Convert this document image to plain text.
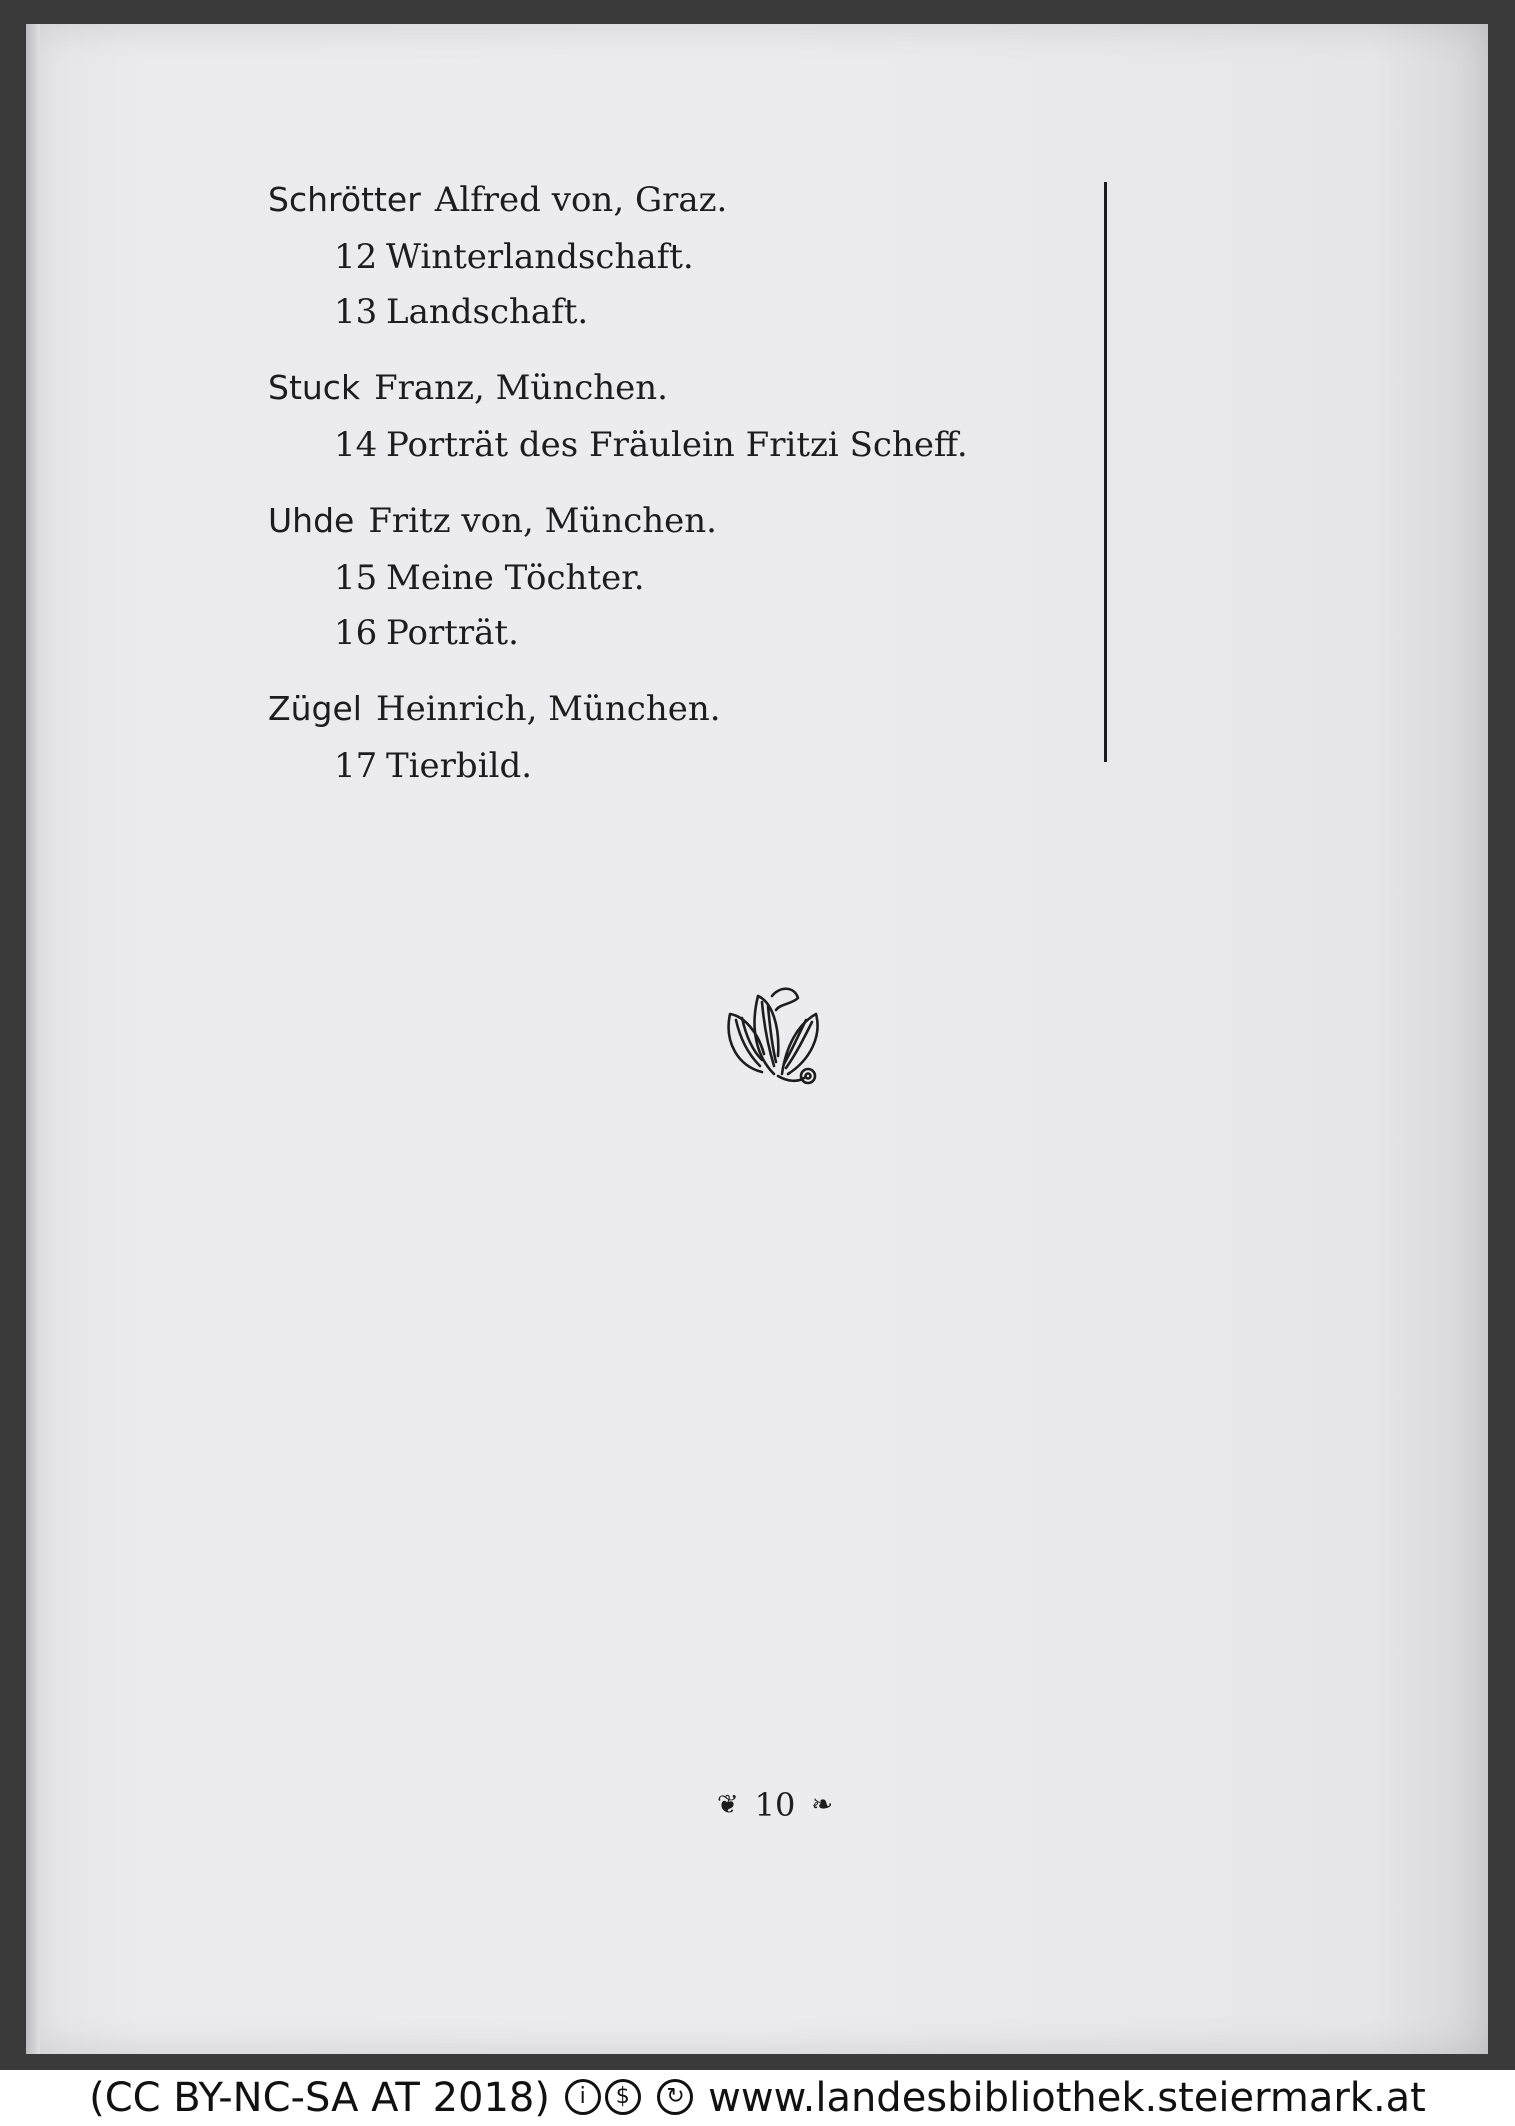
Schrötter Alfred von, Graz.
12 Winterlandschaft.
13 Landschaft.
Stuck Franz, München.
14 Porträt des Fräulein Fritzi Scheff.
Uhde Fritz von, München.
15 Meine Töchter.
16 Porträt.
Zügel Heinrich, München.
17 Tierbild.
❦ 10 ❧
(CC BY-NC-SA AT 2018) i $ ↻ www.landesbibliothek.steiermark.at
